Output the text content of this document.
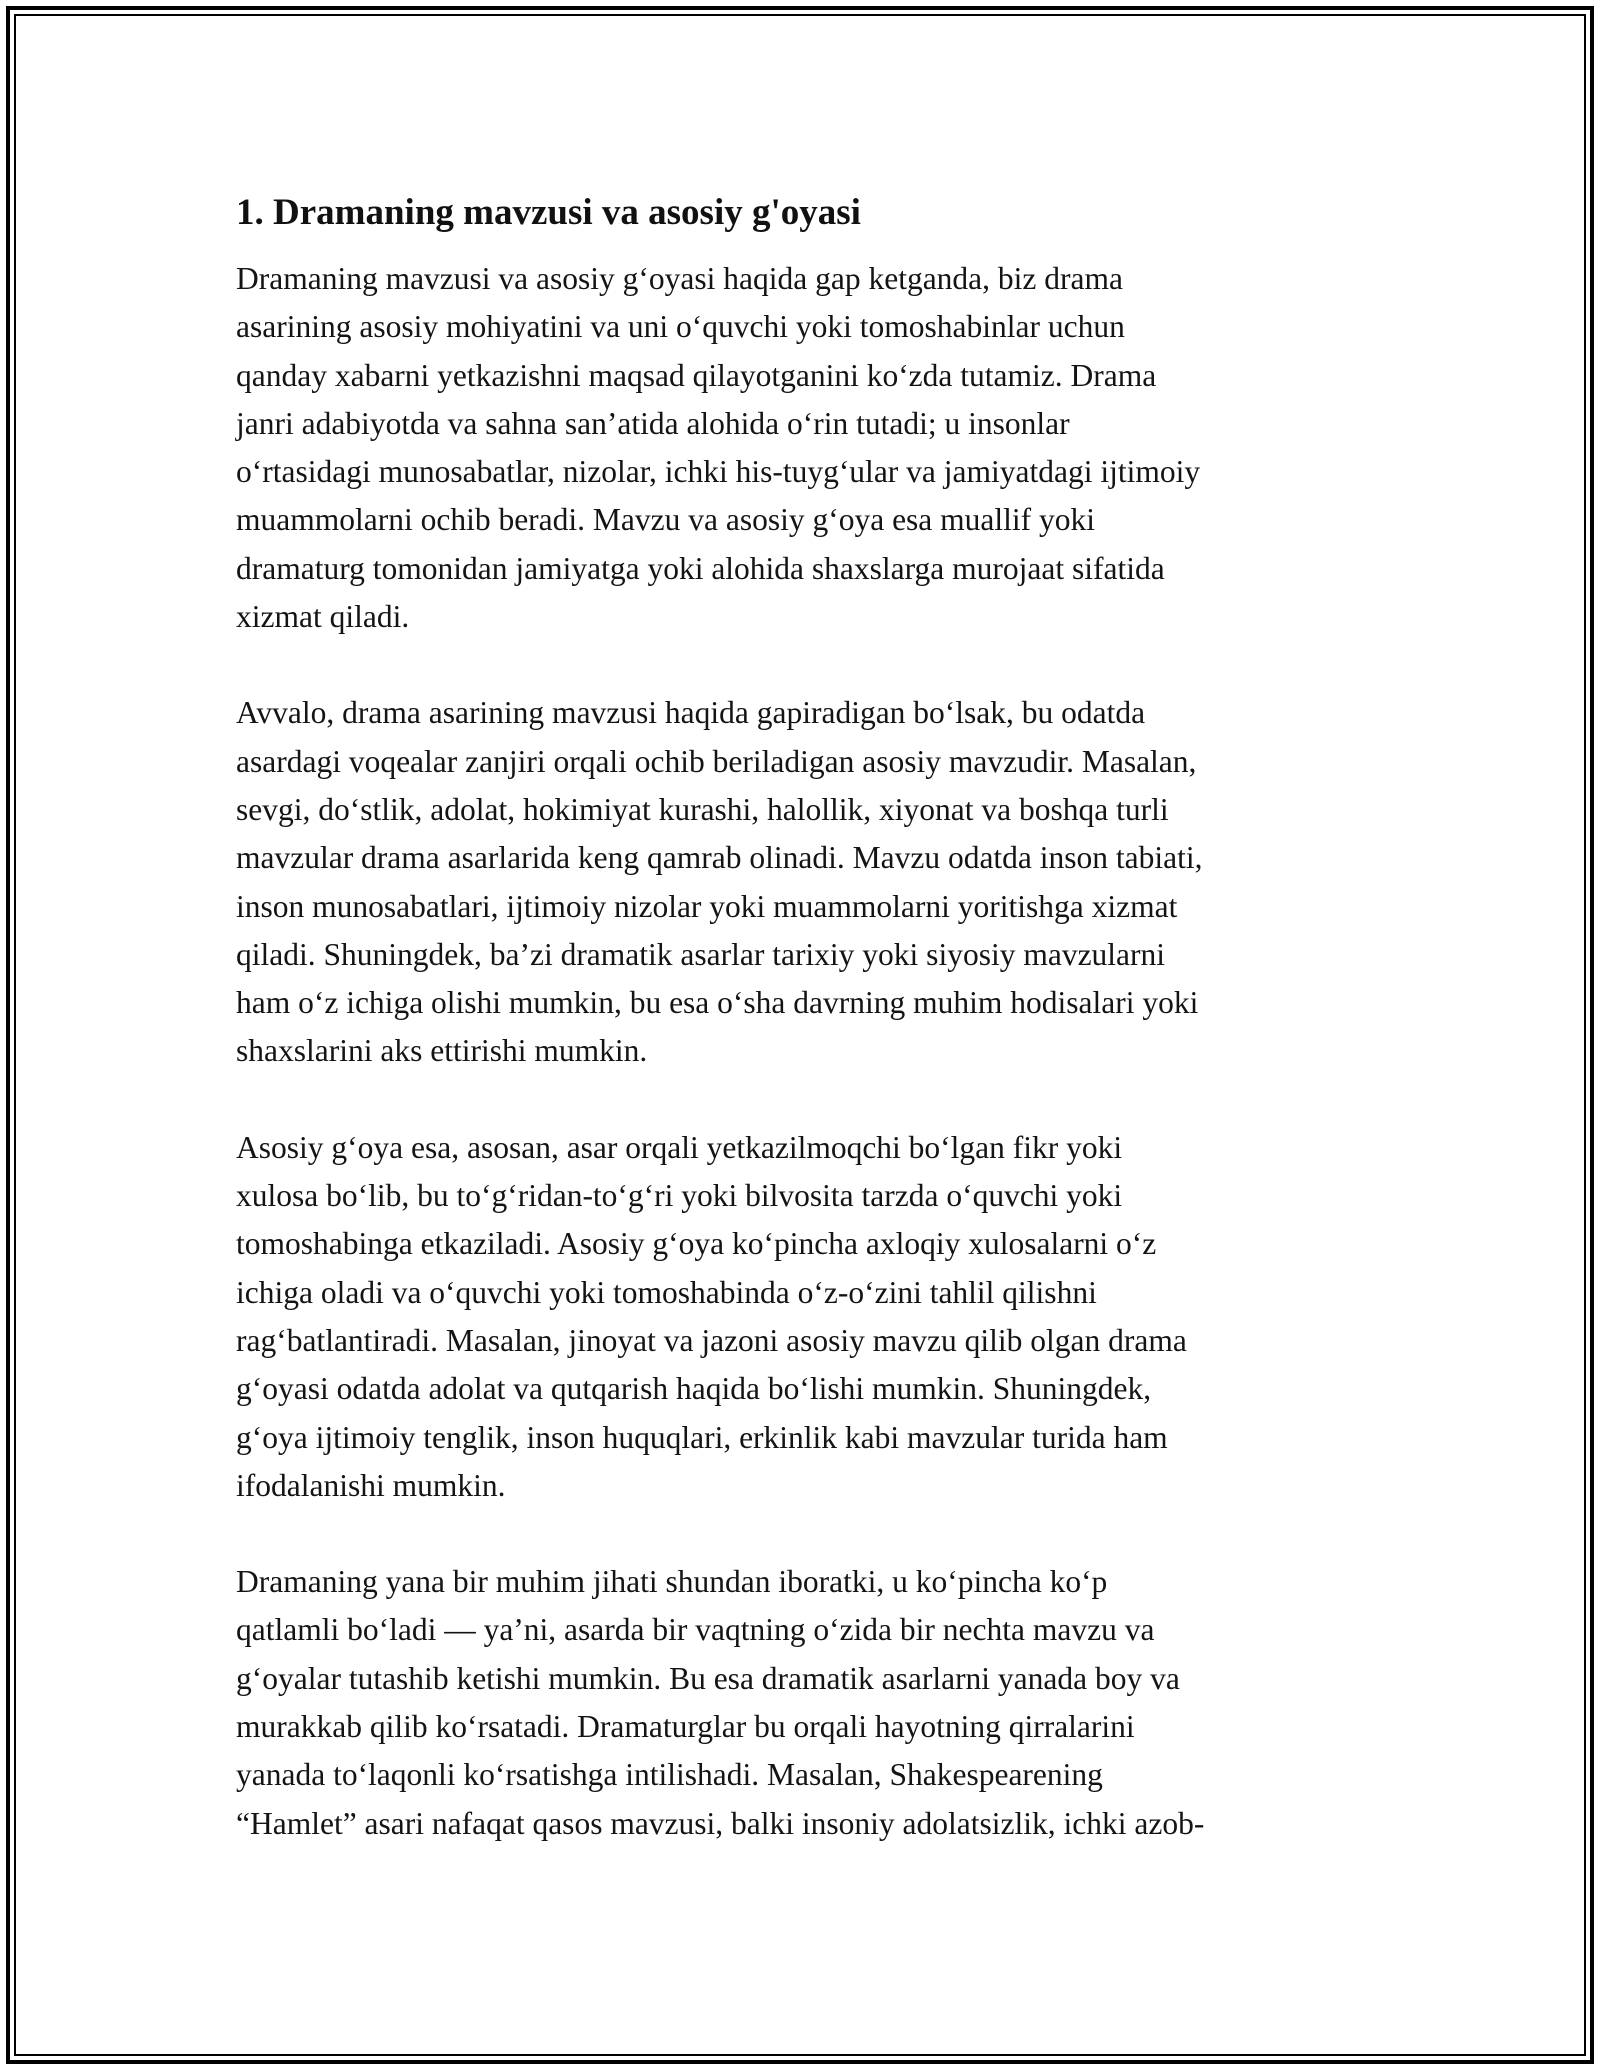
1. Dramaning mavzusi va asosiy g'oyasi

Dramaning mavzusi va asosiy g‘oyasi haqida gap ketganda, biz drama
asarining asosiy mohiyatini va uni o‘quvchi yoki tomoshabinlar uchun
qanday xabarni yetkazishni maqsad qilayotganini ko‘zda tutamiz. Drama
janri adabiyotda va sahna san’atida alohida o‘rin tutadi; u insonlar
o‘rtasidagi munosabatlar, nizolar, ichki his-tuyg‘ular va jamiyatdagi ijtimoiy
muammolarni ochib beradi. Mavzu va asosiy g‘oya esa muallif yoki
dramaturg tomonidan jamiyatga yoki alohida shaxslarga murojaat sifatida
xizmat qiladi.

Avvalo, drama asarining mavzusi haqida gapiradigan bo‘lsak, bu odatda
asardagi voqealar zanjiri orqali ochib beriladigan asosiy mavzudir. Masalan,
sevgi, do‘stlik, adolat, hokimiyat kurashi, halollik, xiyonat va boshqa turli
mavzular drama asarlarida keng qamrab olinadi. Mavzu odatda inson tabiati,
inson munosabatlari, ijtimoiy nizolar yoki muammolarni yoritishga xizmat
qiladi. Shuningdek, ba’zi dramatik asarlar tarixiy yoki siyosiy mavzularni
ham o‘z ichiga olishi mumkin, bu esa o‘sha davrning muhim hodisalari yoki
shaxslarini aks ettirishi mumkin.

Asosiy g‘oya esa, asosan, asar orqali yetkazilmoqchi bo‘lgan fikr yoki
xulosa bo‘lib, bu to‘g‘ridan-to‘g‘ri yoki bilvosita tarzda o‘quvchi yoki
tomoshabinga etkaziladi. Asosiy g‘oya ko‘pincha axloqiy xulosalarni o‘z
ichiga oladi va o‘quvchi yoki tomoshabinda o‘z-o‘zini tahlil qilishni
rag‘batlantiradi. Masalan, jinoyat va jazoni asosiy mavzu qilib olgan drama
g‘oyasi odatda adolat va qutqarish haqida bo‘lishi mumkin. Shuningdek,
g‘oya ijtimoiy tenglik, inson huquqlari, erkinlik kabi mavzular turida ham
ifodalanishi mumkin.

Dramaning yana bir muhim jihati shundan iboratki, u ko‘pincha ko‘p
qatlamli bo‘ladi — ya’ni, asarda bir vaqtning o‘zida bir nechta mavzu va
g‘oyalar tutashib ketishi mumkin. Bu esa dramatik asarlarni yanada boy va
murakkab qilib ko‘rsatadi. Dramaturglar bu orqali hayotning qirralarini
yanada to‘laqonli ko‘rsatishga intilishadi. Masalan, Shakespearening
“Hamlet” asari nafaqat qasos mavzusi, balki insoniy adolatsizlik, ichki azob-
